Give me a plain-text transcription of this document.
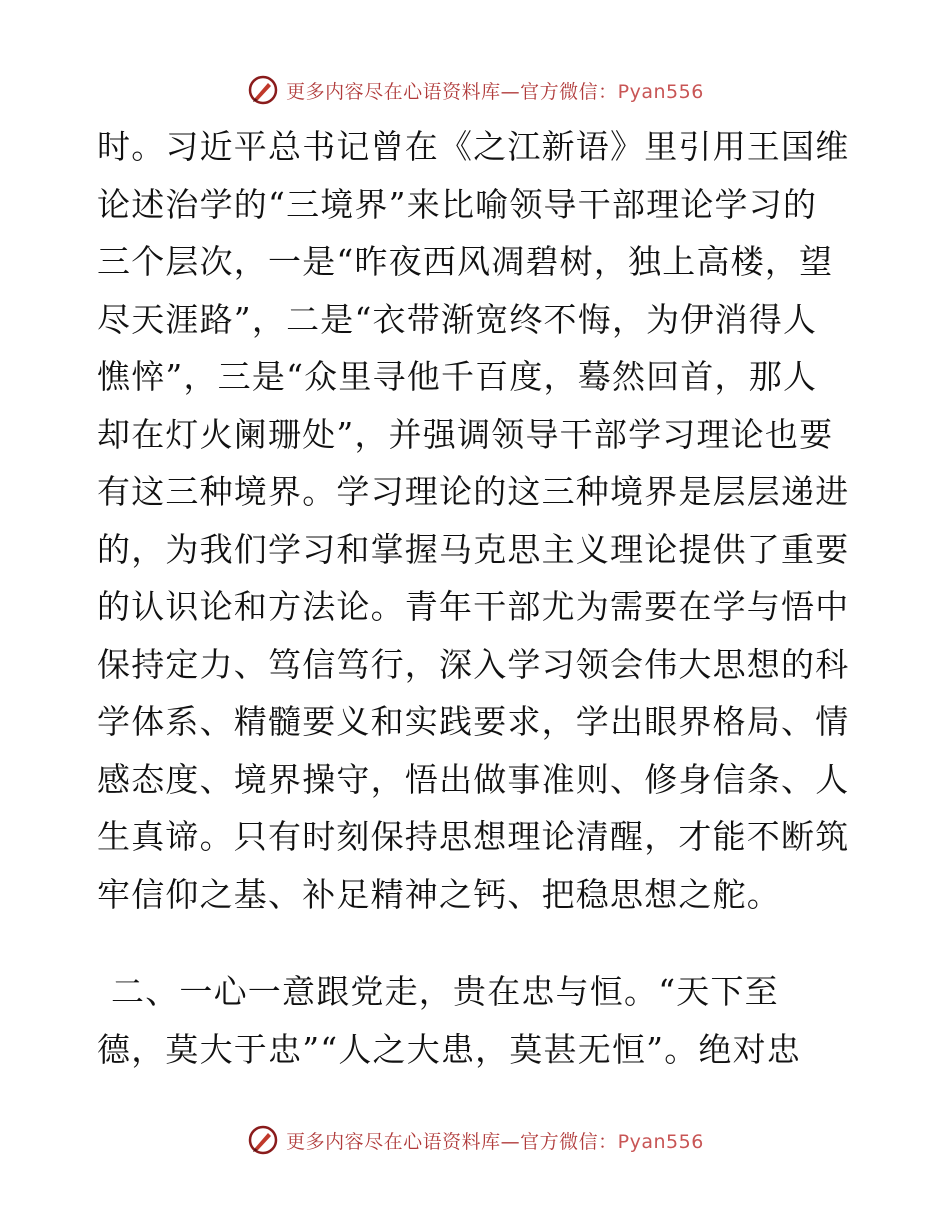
更多内容尽在心语资料库—官方微信：Pyan556
时。习近平总书记曾在《之江新语》里引用王国维
论述治学的“三境界”来比喻领导干部理论学习的
三个层次，一是“昨夜西风凋碧树，独上高楼，望
尽天涯路”，二是“衣带渐宽终不悔，为伊消得人
憔悴”，三是“众里寻他千百度，蓦然回首，那人
却在灯火阑珊处”，并强调领导干部学习理论也要
有这三种境界。学习理论的这三种境界是层层递进
的，为我们学习和掌握马克思主义理论提供了重要
的认识论和方法论。青年干部尤为需要在学与悟中
保持定力、笃信笃行，深入学习领会伟大思想的科
学体系、精髓要义和实践要求，学出眼界格局、情
感态度、境界操守，悟出做事准则、修身信条、人
生真谛。只有时刻保持思想理论清醒，才能不断筑
牢信仰之基、补足精神之钙、把稳思想之舵。
二、一心一意跟党走，贵在忠与恒。“天下至
德，莫大于忠”“人之大患，莫甚无恒”。绝对忠
更多内容尽在心语资料库—官方微信：Pyan556
